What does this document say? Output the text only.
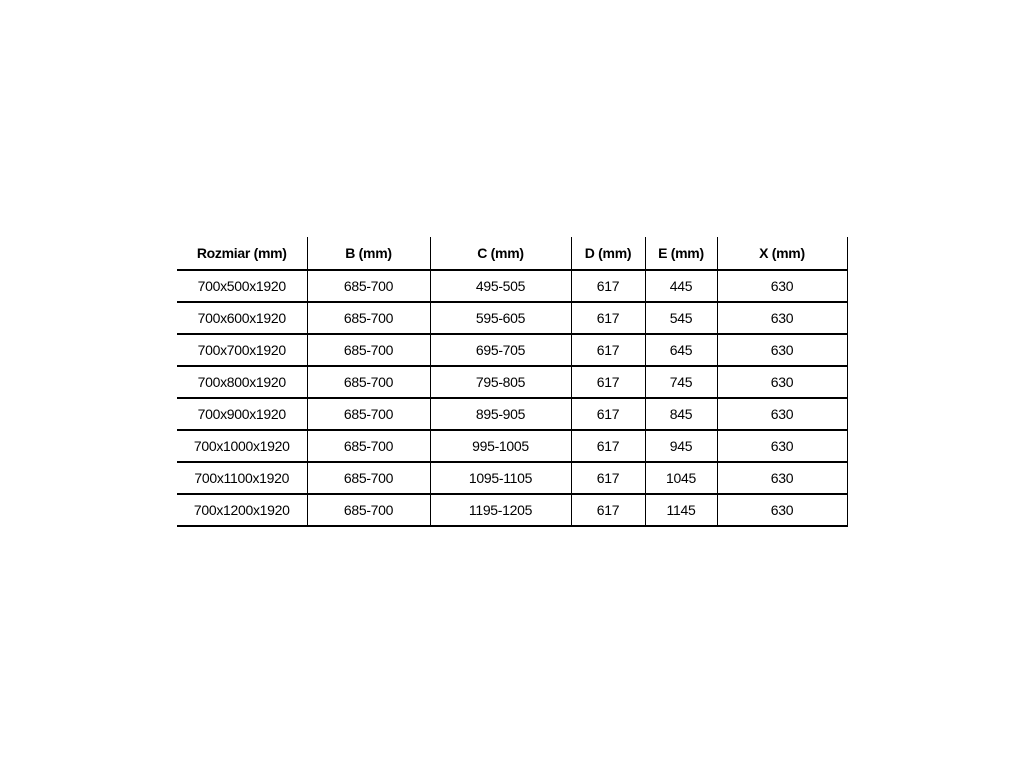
Rozmiar (mm)	B (mm)	C (mm)	D (mm)	E (mm)	X (mm)
700x500x1920	685-700	495-505	617	445	630
700x600x1920	685-700	595-605	617	545	630
700x700x1920	685-700	695-705	617	645	630
700x800x1920	685-700	795-805	617	745	630
700x900x1920	685-700	895-905	617	845	630
700x1000x1920	685-700	995-1005	617	945	630
700x1100x1920	685-700	1095-1105	617	1045	630
700x1200x1920	685-700	1195-1205	617	1145	630
